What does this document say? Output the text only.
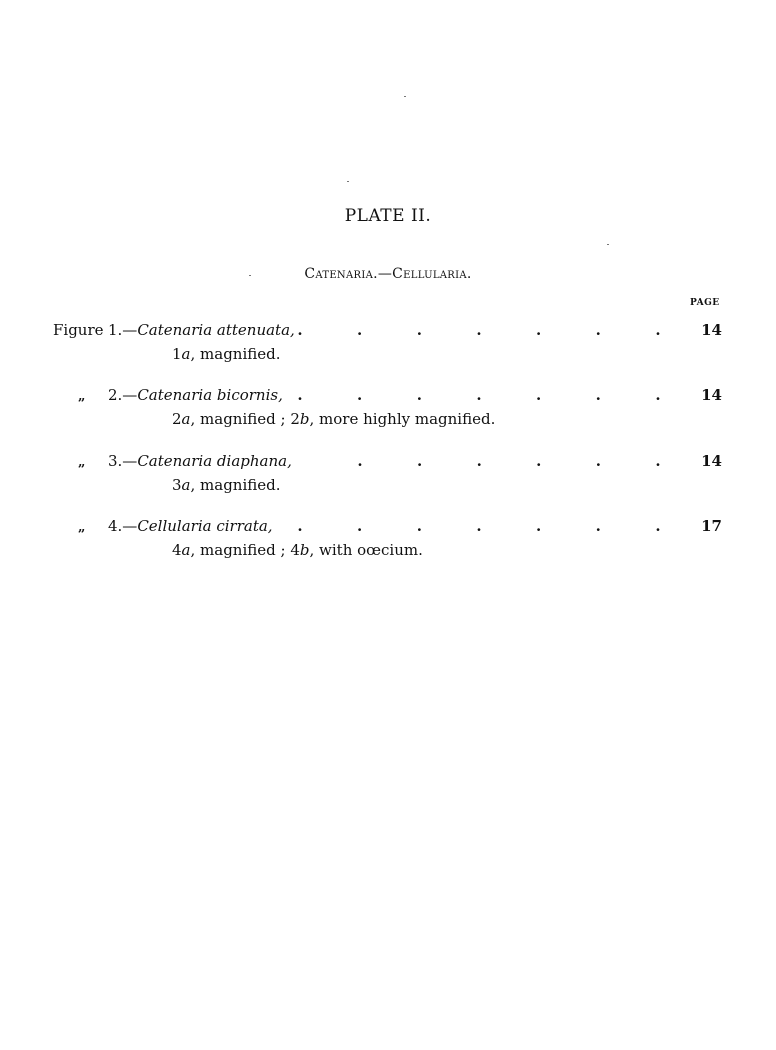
PLATE II.
Catenaria.—Cellularia.
PAGE
Figure 1.—Catenaria attenuata, .	.	.	.	.	.	.	14
1a, magnified.
„ 2.—Catenaria bicornis, .	.	.	.	.	.	.	14
2a, magnified ; 2b, more highly magnified.
„ 3.—Catenaria diaphana,	.	.	.	.	.	.	14
3a, magnified.
„ 4.—Cellularia cirrata, .	.	.	.	.	.	.	17
4a, magnified ; 4b, with oœcium.
